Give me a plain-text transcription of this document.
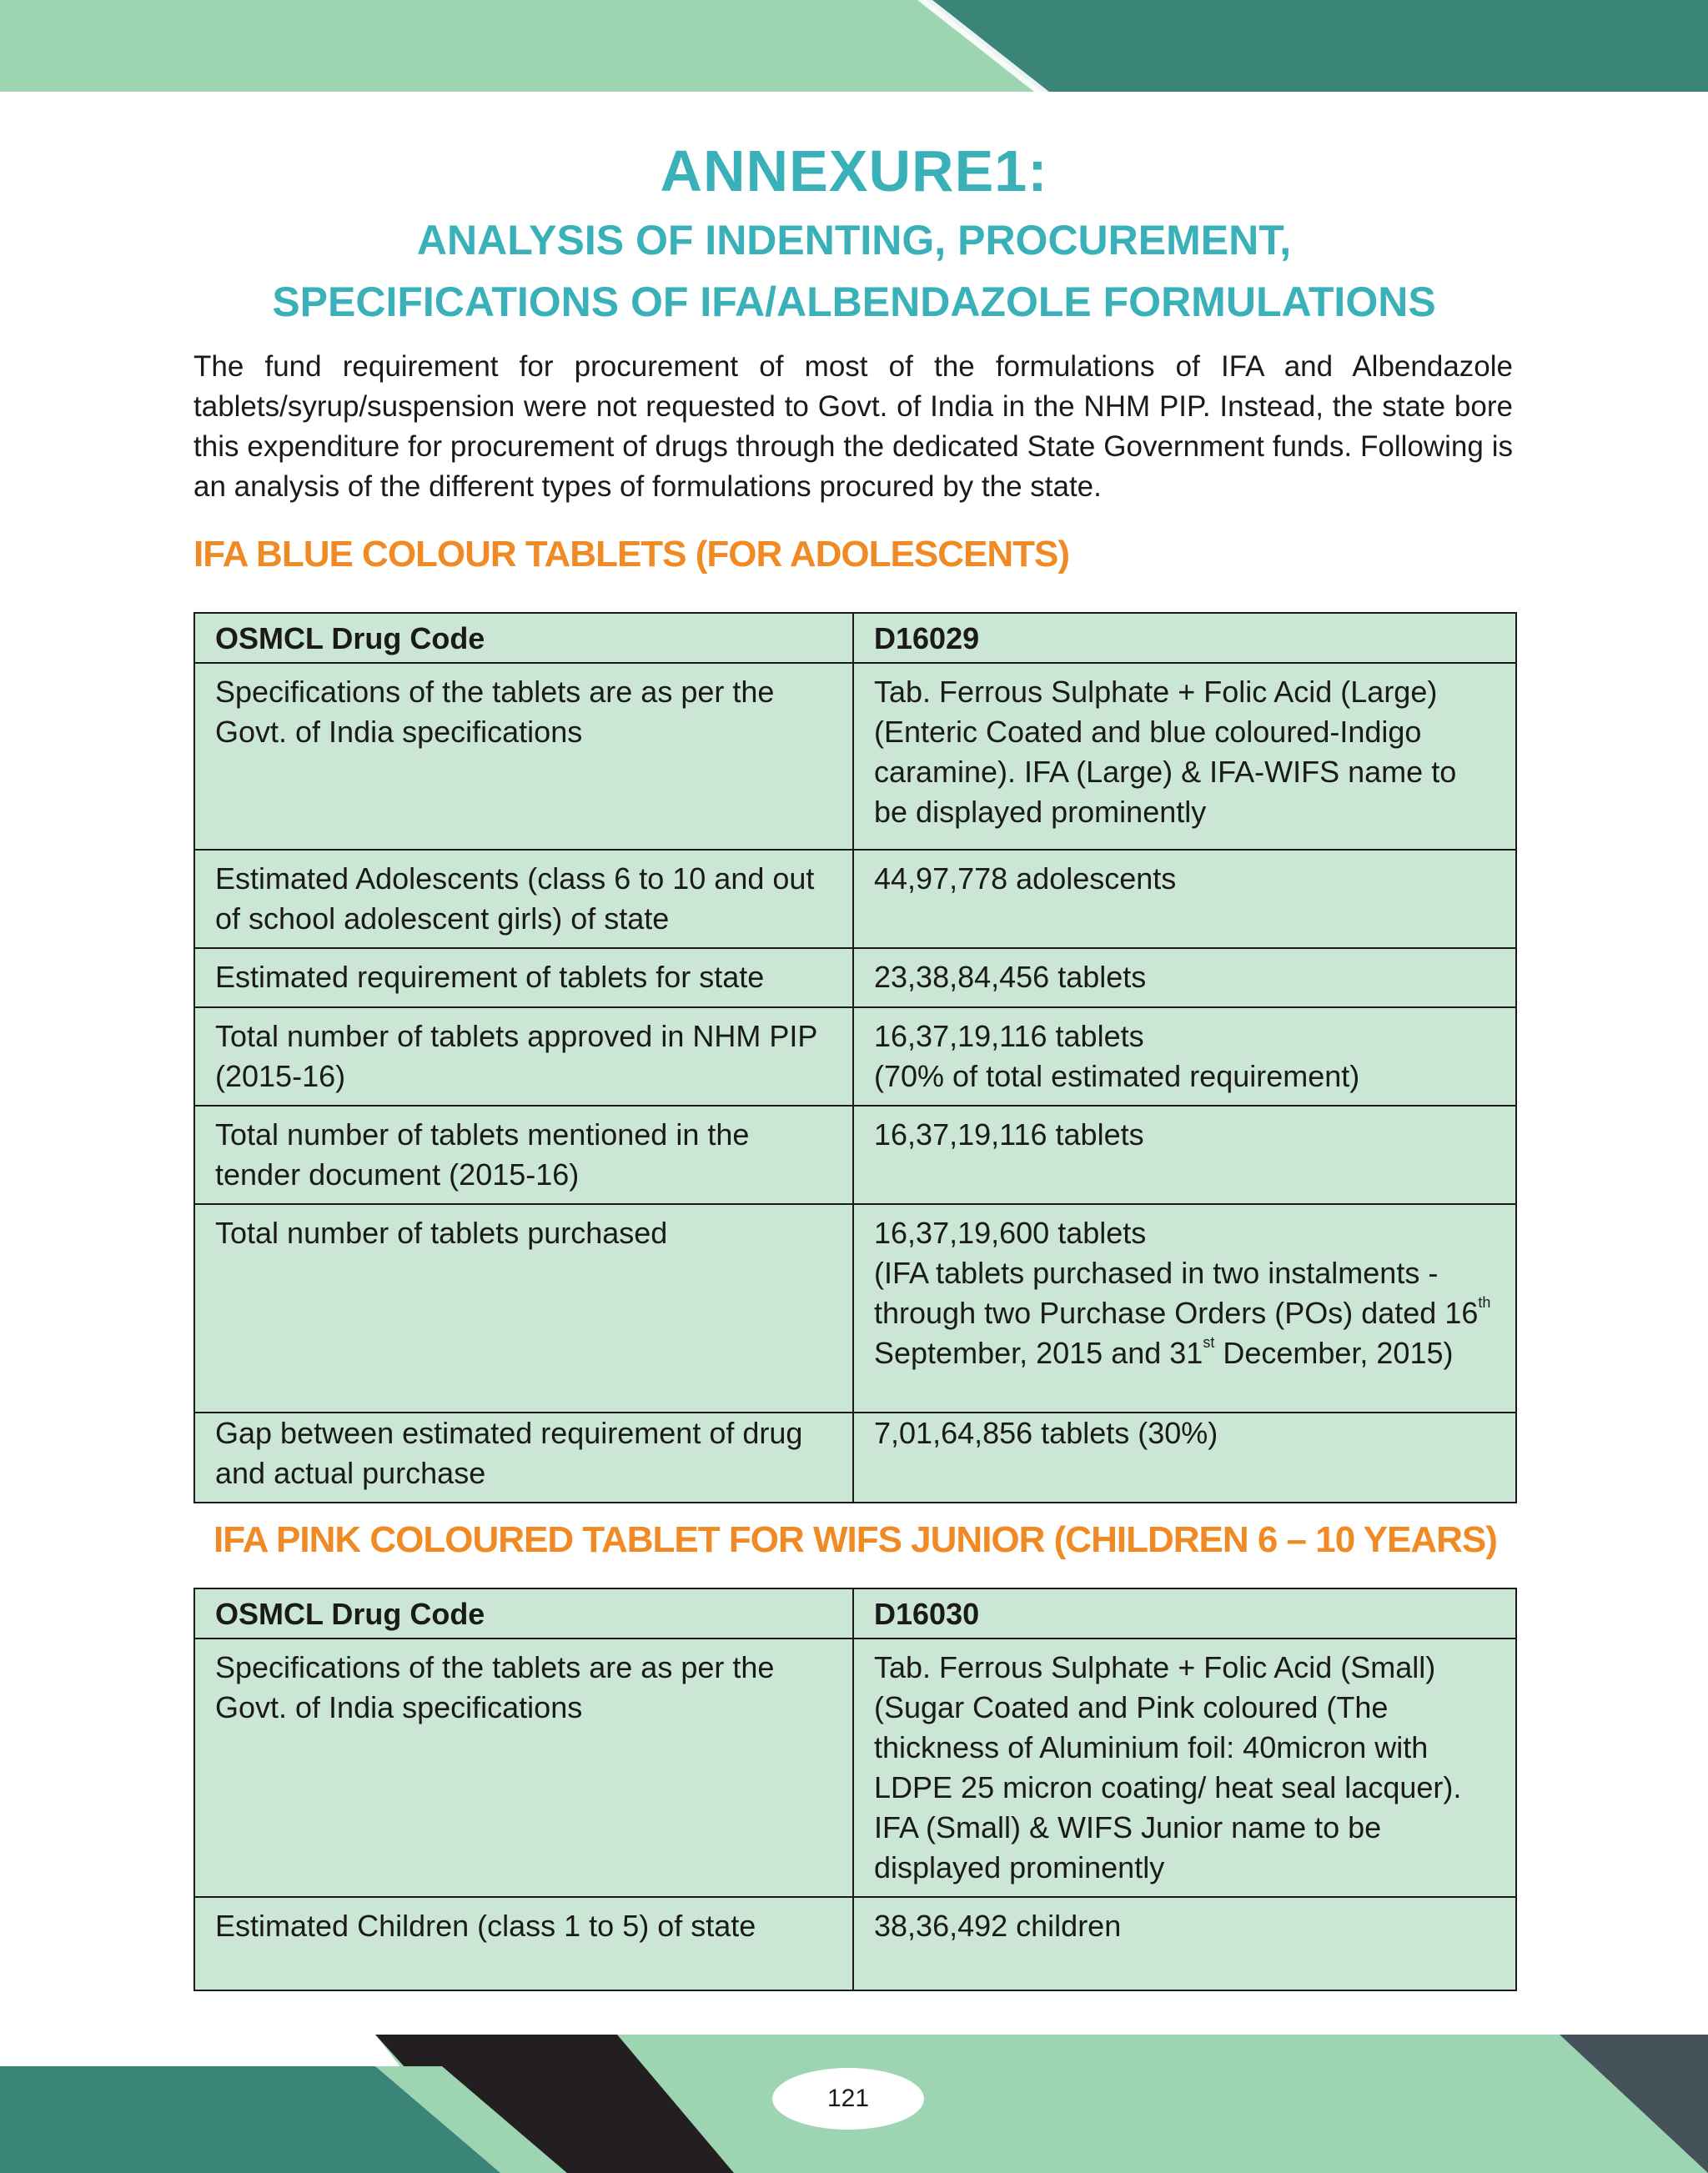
ANNEXURE1:
ANALYSIS OF INDENTING, PROCUREMENT,
SPECIFICATIONS OF IFA/ALBENDAZOLE FORMULATIONS
The fund requirement for procurement of most of the formulations of IFA and Albendazole tablets/syrup/suspension were not requested to Govt. of India in the NHM PIP. Instead, the state bore this expenditure for procurement of drugs through the dedicated State Government funds. Following is an analysis of the different types of formulations procured by the state.
IFA BLUE COLOUR TABLETS (FOR ADOLESCENTS)
OSMCL Drug Code	D16029
Specifications of the tablets are as per the Govt. of India specifications	Tab. Ferrous Sulphate + Folic Acid (Large) (Enteric Coated and blue coloured-Indigo caramine). IFA (Large) & IFA-WIFS name to be displayed prominently
Estimated Adolescents (class 6 to 10 and out of school adolescent girls) of state	44,97,778 adolescents
Estimated requirement of tablets for state	23,38,84,456 tablets
Total number of tablets approved in NHM PIP (2015-16)	16,37,19,116 tablets
(70% of total estimated requirement)

Total number of tablets mentioned in the tender document (2015-16)	16,37,19,116 tablets
Total number of tablets purchased	16,37,19,600 tablets
(IFA tablets purchased in two instalments - through two Purchase Orders (POs) dated 16th September, 2015 and 31st December, 2015)

Gap between estimated requirement of drug and actual purchase	7,01,64,856 tablets (30%)
IFA PINK COLOURED TABLET FOR WIFS JUNIOR (CHILDREN 6 – 10 YEARS)
OSMCL Drug Code	D16030
Specifications of the tablets are as per the Govt. of India specifications	Tab. Ferrous Sulphate + Folic Acid (Small) (Sugar Coated and Pink coloured (The thickness of Aluminium foil: 40micron with LDPE 25 micron coating/ heat seal lacquer). IFA (Small) & WIFS Junior name to be displayed prominently
Estimated Children (class 1 to 5) of state	38,36,492 children
121
